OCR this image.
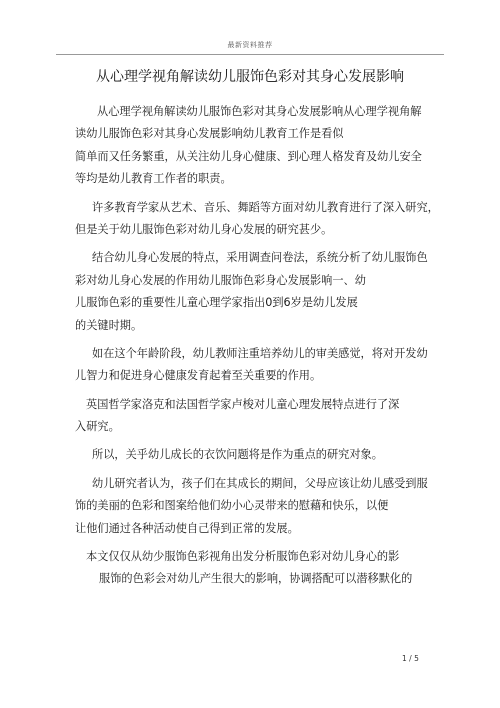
最新资料推荐
从心理学视角解读幼儿服饰色彩对其身心发展影响
从心理学视角解读幼儿服饰色彩对其身心发展影响从心理学视角解
读幼儿服饰色彩对其身心发展影响幼儿教育工作是看似
简单而又任务繁重，从关注幼儿身心健康、到心理人格发育及幼儿安全
等均是幼儿教育工作者的职责。
许多教育学家从艺术、音乐、舞蹈等方面对幼儿教育进行了深入研究，
但是关于幼儿服饰色彩对幼儿身心发展的研究甚少。
结合幼儿身心发展的特点，采用调查问卷法，系统分析了幼儿服饰色
彩对幼儿身心发展的作用幼儿服饰色彩身心发展影响一、幼
儿服饰色彩的重要性儿童心理学家指出0到6岁是幼儿发展
的关键时期。
如在这个年龄阶段，幼儿教师注重培养幼儿的审美感觉，将对开发幼
儿智力和促进身心健康发育起着至关重要的作用。
英国哲学家洛克和法国哲学家卢梭对儿童心理发展特点进行了深
入研究。
所以，关乎幼儿成长的衣饮问题将是作为重点的研究对象。
幼儿研究者认为，孩子们在其成长的期间，父母应该让幼儿感受到服
饰的美丽的色彩和图案给他们幼小心灵带来的慰藉和快乐，以便
让他们通过各种活动使自己得到正常的发展。
本文仅仅从幼少服饰色彩视角出发分析服饰色彩对幼儿身心的影
服饰的色彩会对幼儿产生很大的影响，协调搭配可以潜移默化的
1 / 5
